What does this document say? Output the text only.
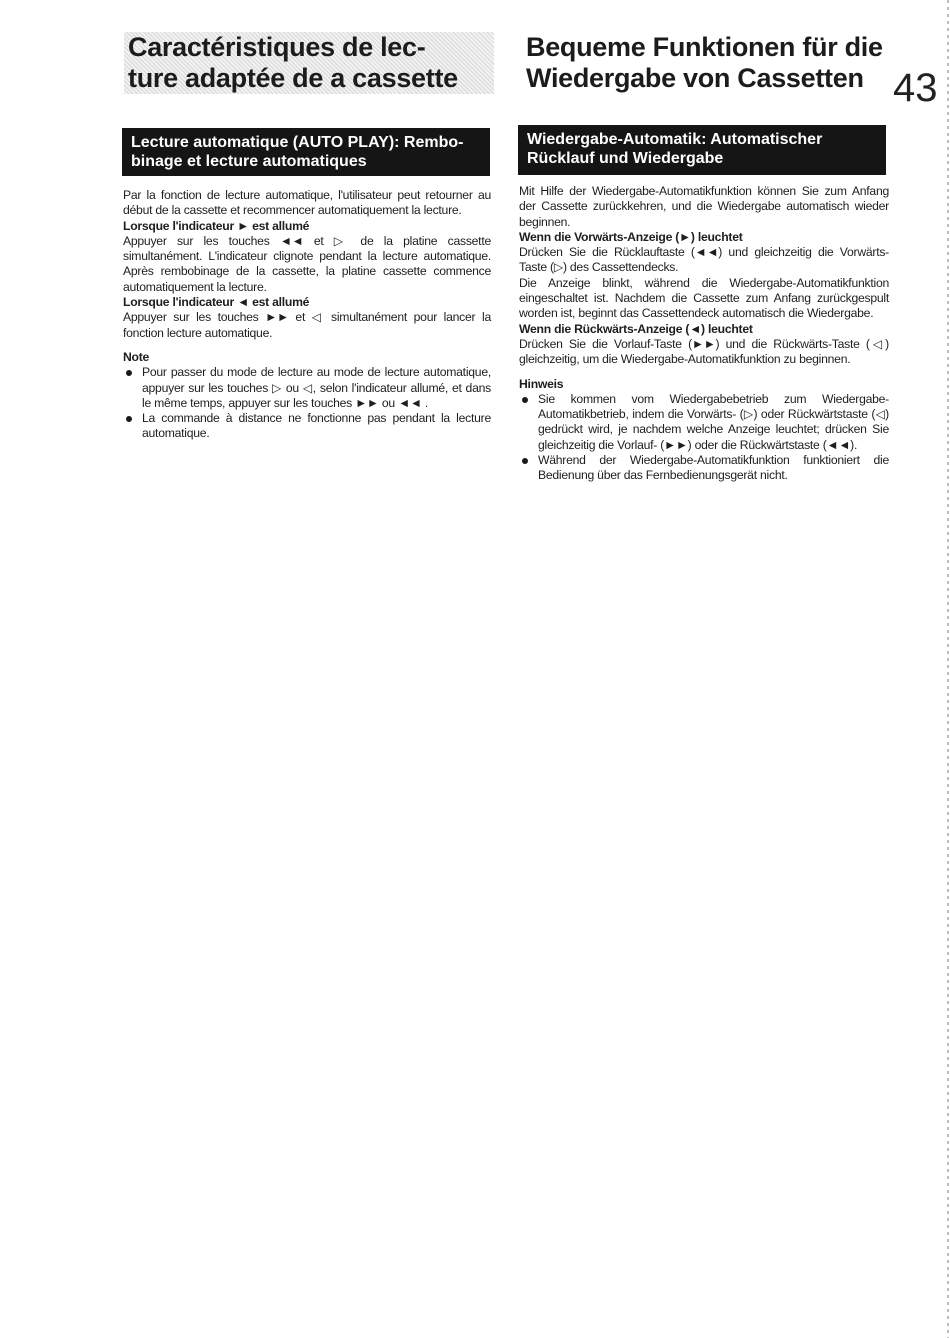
Caractéristiques de lec-
ture adaptée de a cassette
Bequeme Funktionen für die
Wiedergabe von Cassetten 43
Lecture automatique (AUTO PLAY): Rembo-
binage et lecture automatiques
Wiedergabe-Automatik: Automatischer
Rücklauf und Wiedergabe

Par la fonction de lecture automatique, l'utilisateur peut retourner au début de la cassette et recommencer automatiquement la lecture.

Lorsque l'indicateur ► est allumé

Appuyer sur les touches ◄◄ et ▷ de la platine cassette simultanément. L'indicateur clignote pendant la lecture automatique. Après rembobinage de la cassette, la platine cassette commence automatiquement la lecture.

Lorsque l'indicateur ◄ est allumé

Appuyer sur les touches ►► et ◁ simultanément pour lancer la fonction lecture automatique.

Note

Pour passer du mode de lecture au mode de lecture automatique, appuyer sur les touches ▷ ou ◁, selon l'indicateur allumé, et dans le même temps, appuyer sur les touches ►► ou ◄◄ .
La commande à distance ne fonctionne pas pendant la lecture automatique.

Mit Hilfe der Wiedergabe-Automatikfunktion können Sie zum Anfang der Cassette zurückkehren, und die Wiedergabe automatisch wieder beginnen.

Wenn die Vorwärts-Anzeige (►) leuchtet

Drücken Sie die Rücklauftaste (◄◄) und gleichzeitig die Vorwärts-Taste (▷) des Cassettendecks.

Die Anzeige blinkt, während die Wiedergabe-Automatikfunktion eingeschaltet ist. Nachdem die Cassette zum Anfang zurückgespult worden ist, beginnt das Cassettendeck automatisch die Wiedergabe.

Wenn die Rückwärts-Anzeige (◄) leuchtet

Drücken Sie die Vorlauf-Taste (►►) und die Rückwärts-Taste (◁) gleichzeitig, um die Wiedergabe-Automatikfunktion zu beginnen.

Hinweis

Sie kommen vom Wiedergabebetrieb zum Wiedergabe-Automatikbetrieb, indem die Vorwärts- (▷) oder Rückwärtstaste (◁) gedrückt wird, je nachdem welche Anzeige leuchtet; drücken Sie gleichzeitig die Vorlauf- (►►) oder die Rückwärtstaste (◄◄).
Während der Wiedergabe-Automatikfunktion funktioniert die Bedienung über das Fernbedienungsgerät nicht.
